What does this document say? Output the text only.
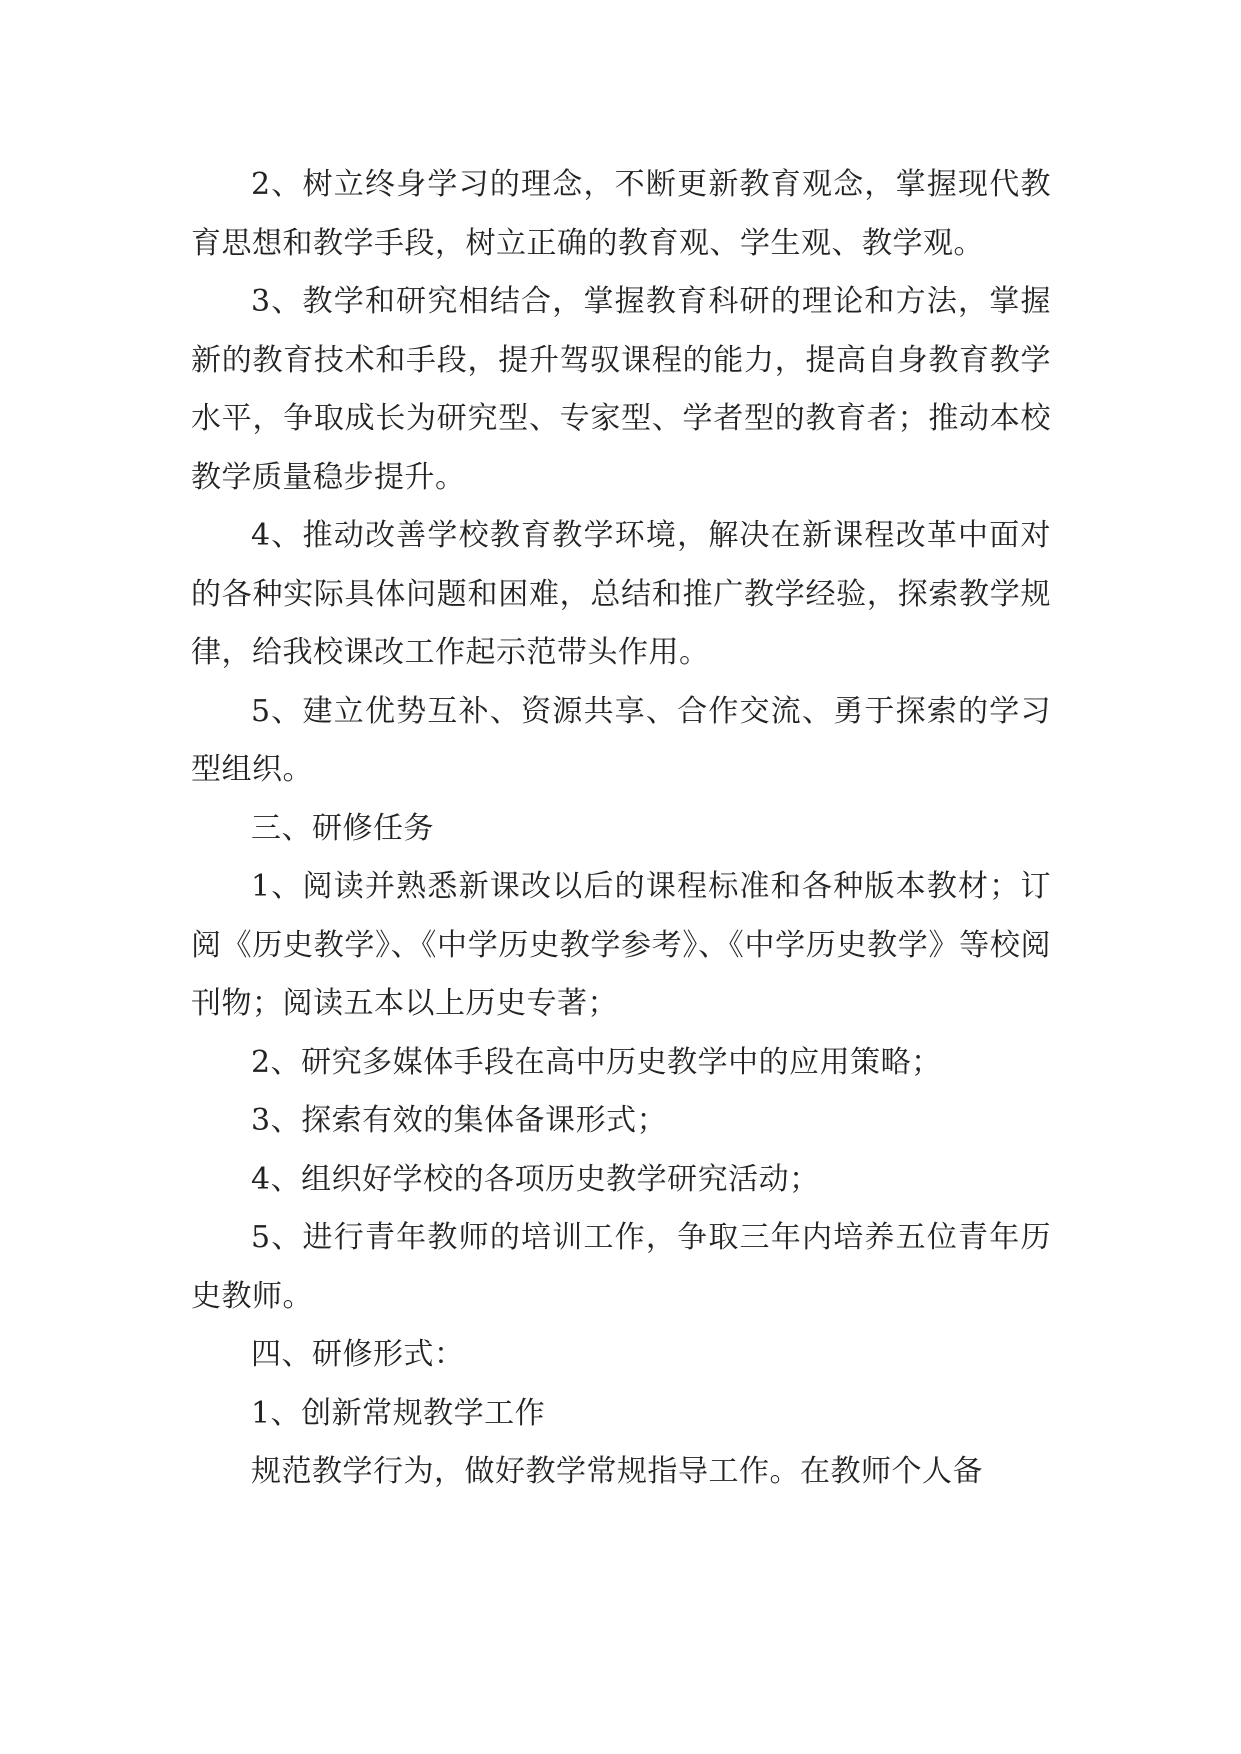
2、树立终身学习的理念，不断更新教育观念，掌握现代教育思想和教学手段，树立正确的教育观、学生观、教学观。

3、教学和研究相结合，掌握教育科研的理论和方法，掌握新的教育技术和手段，提升驾驭课程的能力，提高自身教育教学水平，争取成长为研究型、专家型、学者型的教育者；推动本校教学质量稳步提升。

4、推动改善学校教育教学环境，解决在新课程改革中面对的各种实际具体问题和困难，总结和推广教学经验，探索教学规律，给我校课改工作起示范带头作用。

5、建立优势互补、资源共享、合作交流、勇于探索的学习型组织。

三、研修任务

1、阅读并熟悉新课改以后的课程标准和各种版本教材；订阅《历史教学》、《中学历史教学参考》、《中学历史教学》等校阅刊物；阅读五本以上历史专著；

2、研究多媒体手段在高中历史教学中的应用策略；

3、探索有效的集体备课形式；

4、组织好学校的各项历史教学研究活动；

5、进行青年教师的培训工作，争取三年内培养五位青年历史教师。

四、研修形式：

1、创新常规教学工作

规范教学行为，做好教学常规指导工作。在教师个人备
